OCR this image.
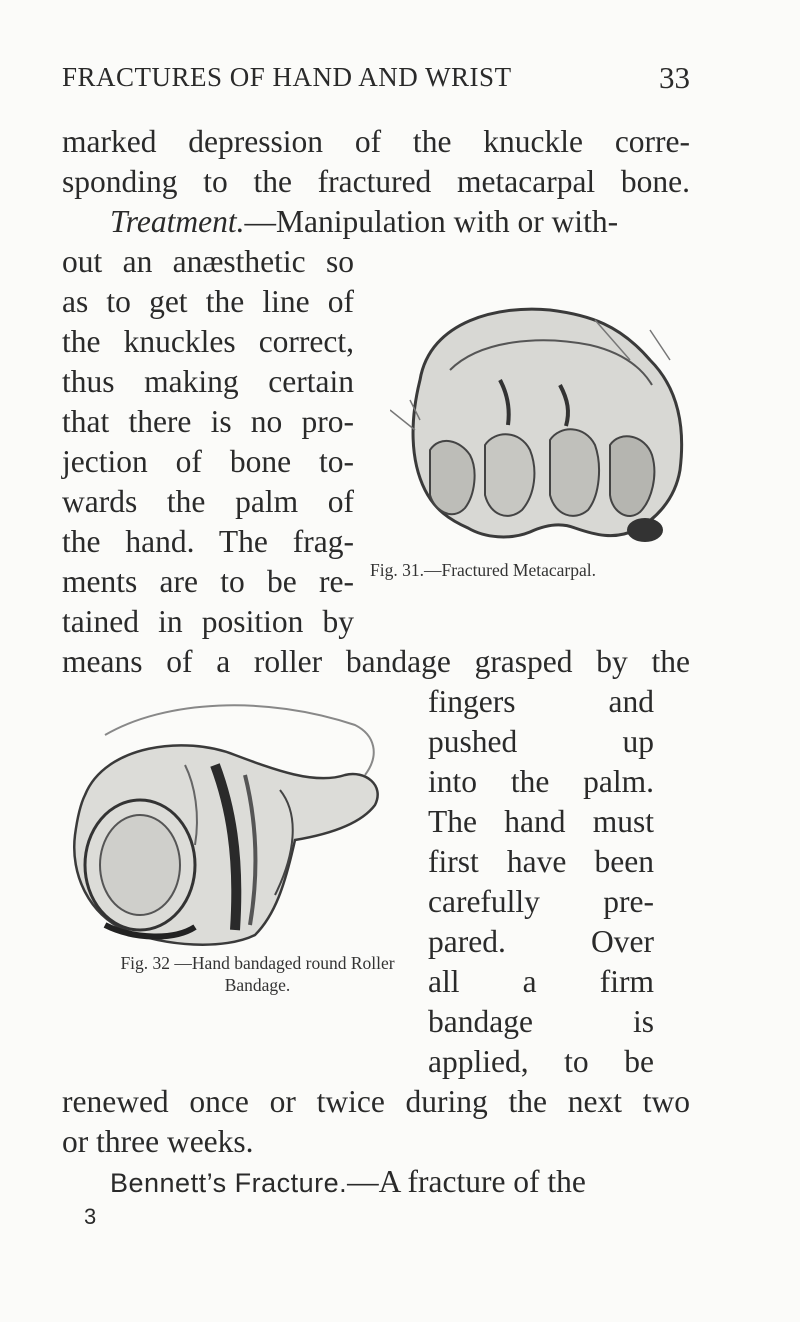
FRACTURES OF HAND AND WRIST	33
marked depression of the knuckle corre-
sponding to the fractured metacarpal bone.
Treatment.—Manipulation with or with-
out an anæsthetic so
as to get the line of
the knuckles correct,
thus making certain
that there is no pro-
jection of bone to-
wards the palm of
the hand. The frag-
ments are to be re-
tained in position by
means of a roller bandage grasped by the
fingers and
pushed up
into the palm.
The hand must
first have been
carefully pre-
pared. Over
all a firm
bandage is
applied, to be
renewed once or twice during the next two
or three weeks.
Bennett’s Fracture.—A fracture of the
3
Fig. 31.—Fractured Metacarpal.
Fig. 32 —Hand bandaged round Roller Bandage.
